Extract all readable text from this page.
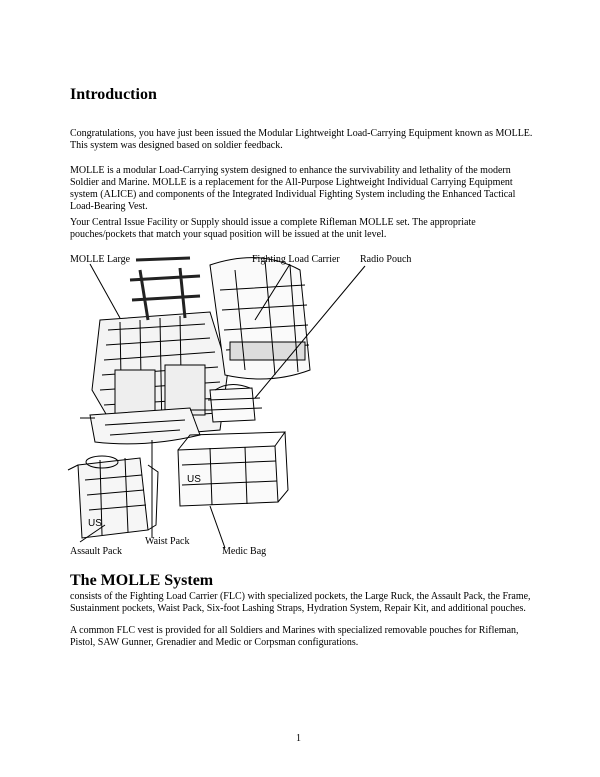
Introduction

Congratulations, you have just been issued the Modular Lightweight Load-Carrying Equipment known as MOLLE. This system was designed based on soldier feedback.

MOLLE is a modular Load-Carrying system designed to enhance the survivability and lethality of the modern Soldier and Marine. MOLLE is a replacement for the All-Purpose Lightweight Individual Carrying Equipment system (ALICE) and components of the Integrated Individual Fighting System including the Enhanced Tactical Load-Bearing Vest.

Your Central Issue Facility or Supply should issue a complete Rifleman MOLLE set. The appropriate pouches/pockets that match your squad position will be issued at the unit level.

US
US
MOLLE Large	Fighting Load Carrier Radio Pouch
Waist Pack
Assault Pack	Medic Bag
The MOLLE System

consists of the Fighting Load Carrier (FLC) with specialized pockets, the Large Ruck, the Assault Pack, the Frame, Sustainment pockets, Waist Pack, Six-foot Lashing Straps, Hydration System, Repair Kit, and additional pouches.

A common FLC vest is provided for all Soldiers and Marines with specialized removable pouches for Rifleman, Pistol, SAW Gunner, Grenadier and Medic or Corpsman configurations.

1
